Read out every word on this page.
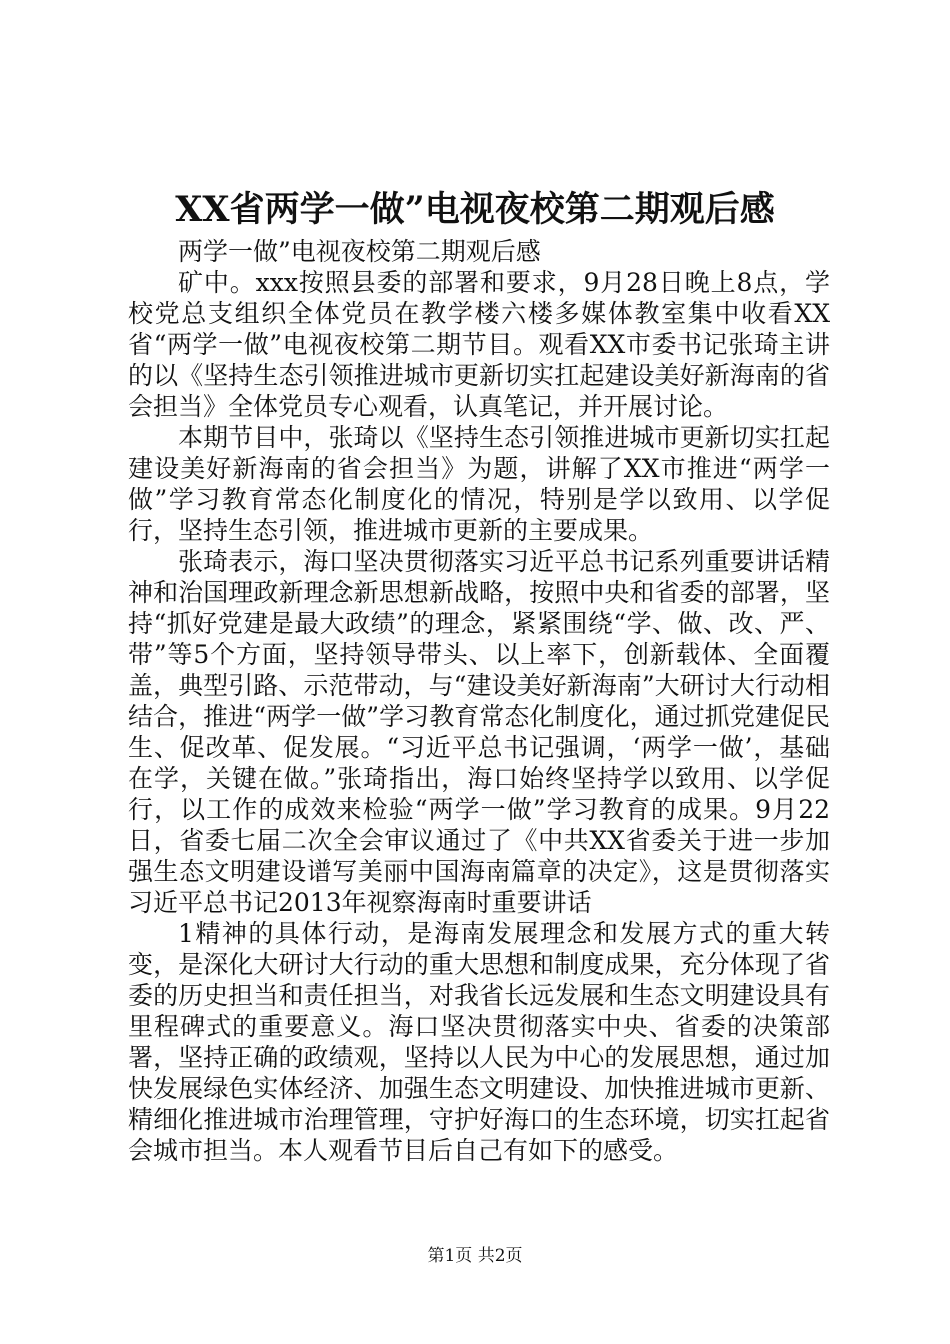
XX省两学一做”电视夜校第二期观后感

两学一做”电视夜校第二期观后感

矿中。xxx按照县委的部署和要求，9月28日晚上8点，学校党总支组织全体党员在教学楼六楼多媒体教室集中收看XX省“两学一做”电视夜校第二期节目。观看XX市委书记张琦主讲的以《坚持生态引领推进城市更新切实扛起建设美好新海南的省会担当》全体党员专心观看，认真笔记，并开展讨论。

本期节目中，张琦以《坚持生态引领推进城市更新切实扛起建设美好新海南的省会担当》为题，讲解了XX市推进“两学一做”学习教育常态化制度化的情况，特别是学以致用、以学促行，坚持生态引领，推进城市更新的主要成果。

张琦表示，海口坚决贯彻落实习近平总书记系列重要讲话精神和治国理政新理念新思想新战略，按照中央和省委的部署，坚持“抓好党建是最大政绩”的理念，紧紧围绕“学、做、改、严、带”等5个方面，坚持领导带头、以上率下，创新载体、全面覆盖，典型引路、示范带动，与“建设美好新海南”大研讨大行动相结合，推进“两学一做”学习教育常态化制度化，通过抓党建促民生、促改革、促发展。“习近平总书记强调，‘两学一做’，基础在学，关键在做。”张琦指出，海口始终坚持学以致用、以学促行，以工作的成效来检验“两学一做”学习教育的成果。9月22日，省委七届二次全会审议通过了《中共XX省委关于进一步加强生态文明建设谱写美丽中国海南篇章的决定》，这是贯彻落实习近平总书记2013年视察海南时重要讲话

1精神的具体行动，是海南发展理念和发展方式的重大转变，是深化大研讨大行动的重大思想和制度成果，充分体现了省委的历史担当和责任担当，对我省长远发展和生态文明建设具有里程碑式的重要意义。海口坚决贯彻落实中央、省委的决策部署，坚持正确的政绩观，坚持以人民为中心的发展思想，通过加快发展绿色实体经济、加强生态文明建设、加快推进城市更新、精细化推进城市治理管理，守护好海口的生态环境，切实扛起省会城市担当。本人观看节目后自己有如下的感受。

第1页 共2页
